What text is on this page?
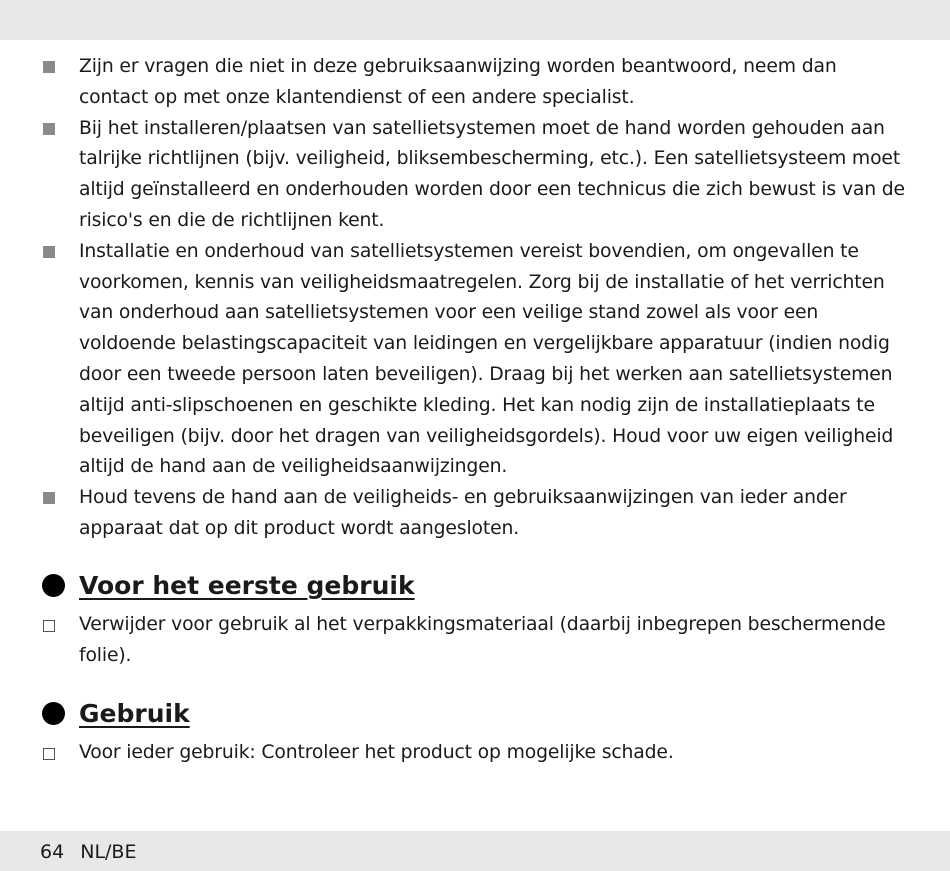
Zijn er vragen die niet in deze gebruiksaanwijzing worden beantwoord, neem dan contact op met onze klantendienst of een andere specialist.
Bij het installeren/plaatsen van satellietsystemen moet de hand worden gehouden aan talrijke richtlijnen (bijv. veiligheid, bliksembescherming, etc.). Een satellietsysteem moet altijd geïnstalleerd en onderhouden worden door een technicus die zich bewust is van de risico's en die de richtlijnen kent.
Installatie en onderhoud van satellietsystemen vereist bovendien, om ongevallen te voorkomen, kennis van veiligheidsmaatregelen. Zorg bij de installatie of het verrichten van onderhoud aan satellietsystemen voor een veilige stand zowel als voor een voldoende belastingscapaciteit van leidingen en vergelijkbare apparatuur (indien nodig door een tweede persoon laten beveiligen). Draag bij het werken aan satellietsystemen altijd anti-slipschoenen en geschikte kleding. Het kan nodig zijn de installatieplaats te beveiligen (bijv. door het dragen van veiligheidsgordels). Houd voor uw eigen veiligheid altijd de hand aan de veiligheidsaanwijzingen.
Houd tevens de hand aan de veiligheids- en gebruiksaanwijzingen van ieder ander apparaat dat op dit product wordt aangesloten.
Voor het eerste gebruik
Verwijder voor gebruik al het verpakkingsmateriaal (daarbij inbegrepen beschermende folie).
Gebruik
Voor ieder gebruik: Controleer het product op mogelijke schade.
64 NL/BE
